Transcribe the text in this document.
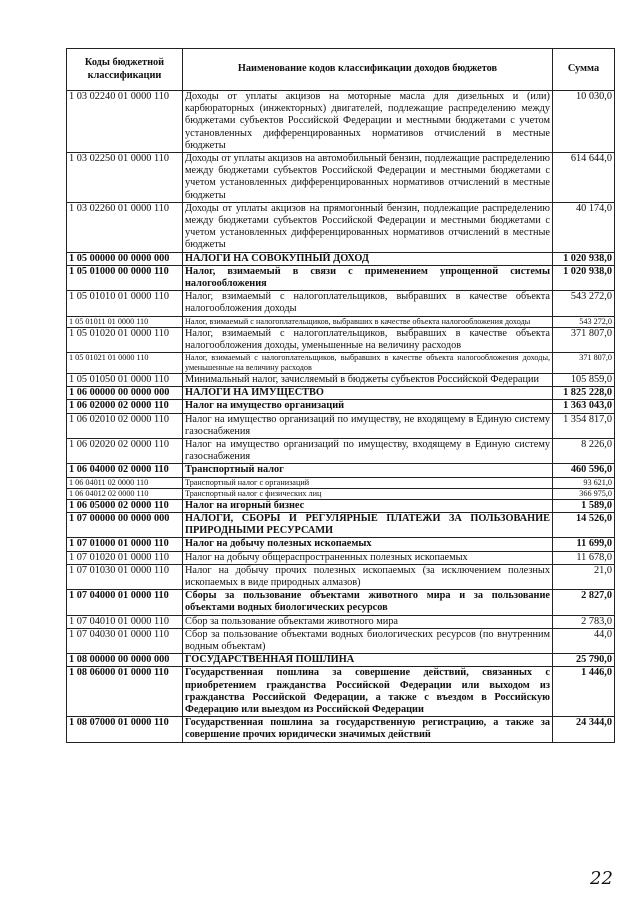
Коды бюджетной классификации	Наименование кодов классификации доходов бюджетов	Сумма
1 03 02240 01 0000 110	Доходы от уплаты акцизов на моторные масла для дизельных и (или) карбюраторных (инжекторных) двигателей, подлежащие распределению между бюджетами субъектов Российской Федерации и местными бюджетами с учетом установленных дифференцированных нормативов отчислений в местные бюджеты	10 030,0
1 03 02250 01 0000 110	Доходы от уплаты акцизов на автомобильный бензин, подлежащие распределению между бюджетами субъектов Российской Федерации и местными бюджетами с учетом установленных дифференцированных нормативов отчислений в местные бюджеты	614 644,0
1 03 02260 01 0000 110	Доходы от уплаты акцизов на прямогонный бензин, подлежащие распределению между бюджетами субъектов Российской Федерации и местными бюджетами с учетом установленных дифференцированных нормативов отчислений в местные бюджеты	40 174,0
1 05 00000 00 0000 000	НАЛОГИ НА СОВОКУПНЫЙ ДОХОД	1 020 938,0
1 05 01000 00 0000 110	Налог, взимаемый в связи с применением упрощенной системы налогообложения	1 020 938,0
1 05 01010 01 0000 110	Налог, взимаемый с налогоплательщиков, выбравших в качестве объекта налогообложения доходы	543 272,0
1 05 01011 01 0000 110	Налог, взимаемый с налогоплательщиков, выбравших в качестве объекта налогообложения доходы	543 272,0
1 05 01020 01 0000 110	Налог, взимаемый с налогоплательщиков, выбравших в качестве объекта налогообложения доходы, уменьшенные на величину расходов	371 807,0
1 05 01021 01 0000 110	Налог, взимаемый с налогоплательщиков, выбравших в качестве объекта налогообложения доходы, уменьшенные на величину расходов	371 807,0
1 05 01050 01 0000 110	Минимальный налог, зачисляемый в бюджеты субъектов Российской Федерации	105 859,0
1 06 00000 00 0000 000	НАЛОГИ НА ИМУЩЕСТВО	1 825 228,0
1 06 02000 02 0000 110	Налог на имущество организаций	1 363 043,0
1 06 02010 02 0000 110	Налог на имущество организаций по имуществу, не входящему в Единую систему газоснабжения	1 354 817,0
1 06 02020 02 0000 110	Налог на имущество организаций по имуществу, входящему в Единую систему газоснабжения	8 226,0
1 06 04000 02 0000 110	Транспортный налог	460 596,0
1 06 04011 02 0000 110	Транспортный налог с организаций	93 621,0
1 06 04012 02 0000 110	Транспортный налог с физических лиц	366 975,0
1 06 05000 02 0000 110	Налог на игорный бизнес	1 589,0
1 07 00000 00 0000 000	НАЛОГИ, СБОРЫ И РЕГУЛЯРНЫЕ ПЛАТЕЖИ ЗА ПОЛЬЗОВАНИЕ ПРИРОДНЫМИ РЕСУРСАМИ	14 526,0
1 07 01000 01 0000 110	Налог на добычу полезных ископаемых	11 699,0
1 07 01020 01 0000 110	Налог на добычу общераспространенных полезных ископаемых	11 678,0
1 07 01030 01 0000 110	Налог на добычу прочих полезных ископаемых (за исключением полезных ископаемых в виде природных алмазов)	21,0
1 07 04000 01 0000 110	Сборы за пользование объектами животного мира и за пользование объектами водных биологических ресурсов	2 827,0
1 07 04010 01 0000 110	Сбор за пользование объектами животного мира	2 783,0
1 07 04030 01 0000 110	Сбор за пользование объектами водных биологических ресурсов (по внутренним водным объектам)	44,0
1 08 00000 00 0000 000	ГОСУДАРСТВЕННАЯ ПОШЛИНА	25 790,0
1 08 06000 01 0000 110	Государственная пошлина за совершение действий, связанных с приобретением гражданства Российской Федерации или выходом из гражданства Российской Федерации, а также с въездом в Российскую Федерацию или выездом из Российской Федерации	1 446,0
1 08 07000 01 0000 110	Государственная пошлина за государственную регистрацию, а также за совершение прочих юридически значимых действий	24 344,0
22
